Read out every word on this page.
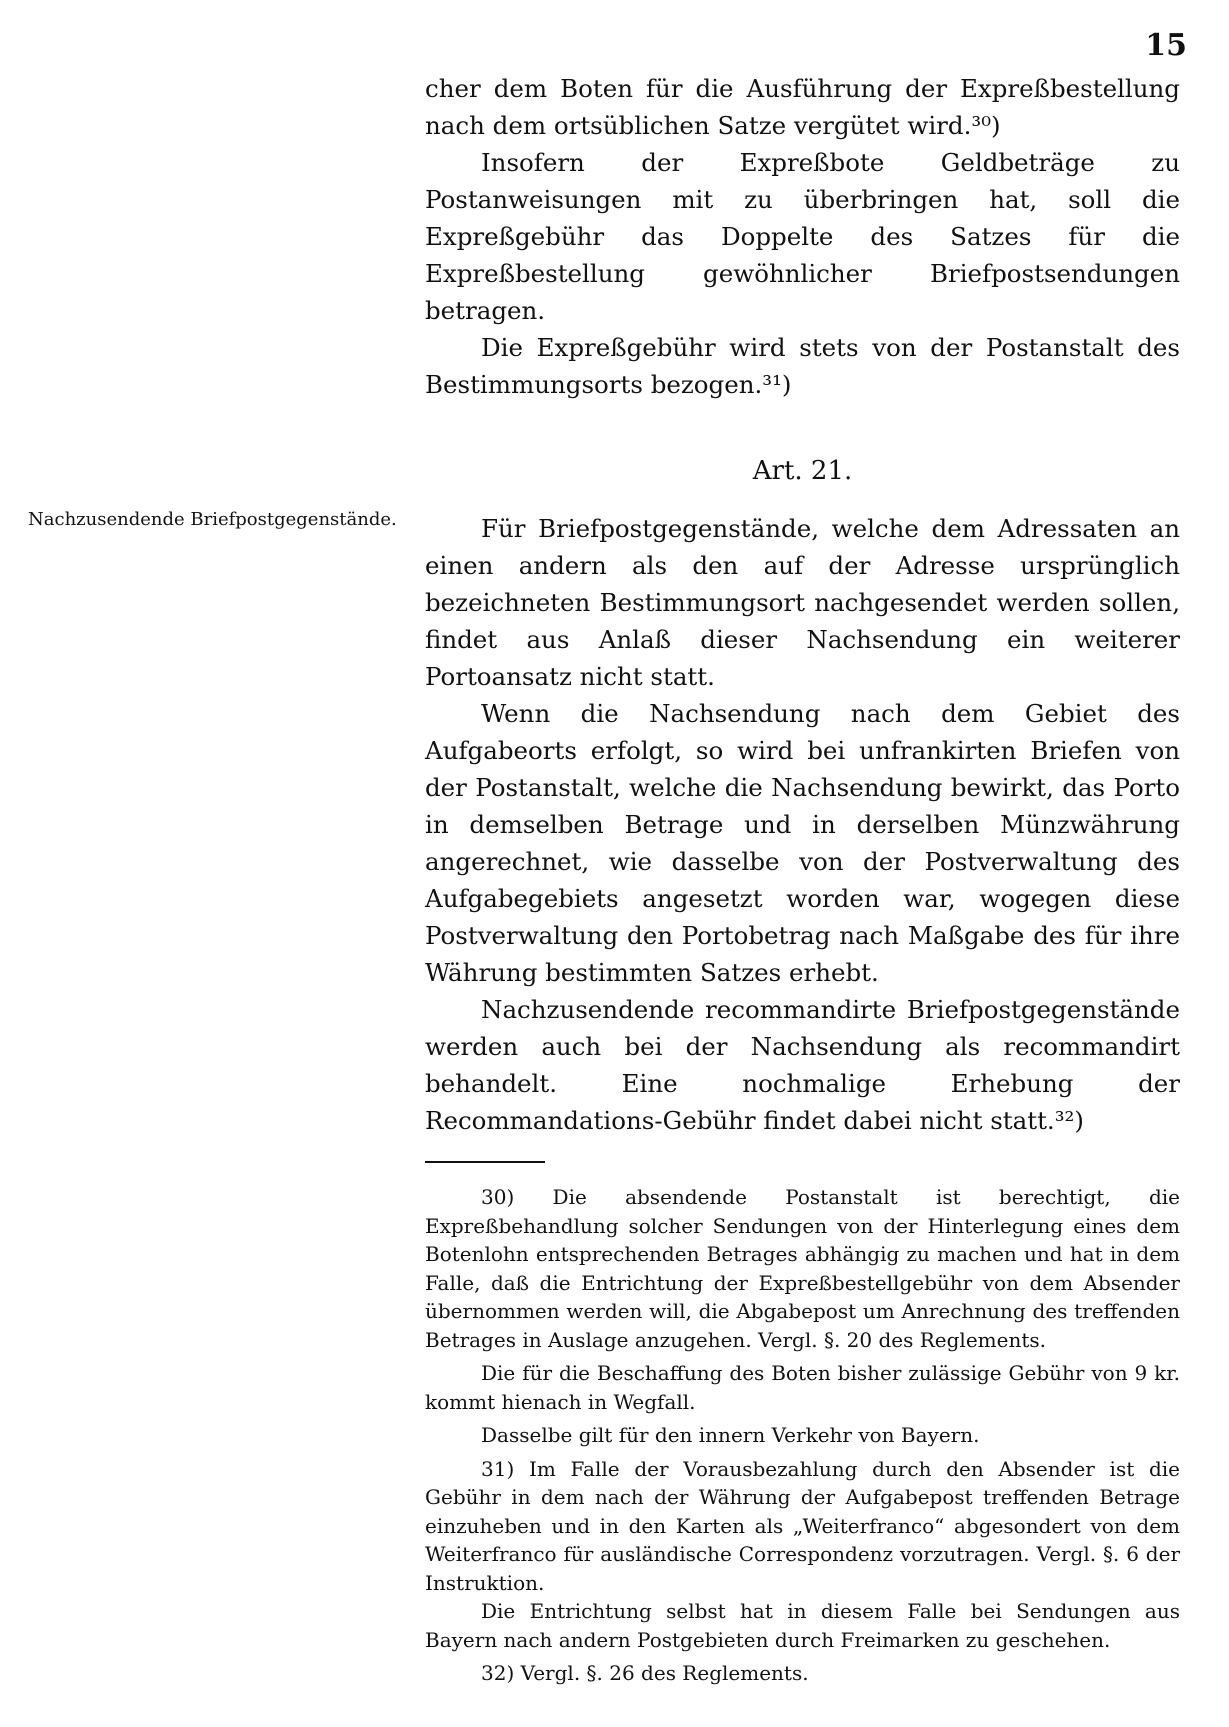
15
Nachzusendende Briefpostgegenstände.

cher dem Boten für die Ausführung der Expreßbestellung nach dem ortsüblichen Satze vergütet wird.³⁰)

Insofern der Expreßbote Geldbeträge zu Postanweisungen mit zu überbringen hat, soll die Expreßgebühr das Doppelte des Satzes für die Expreßbestellung gewöhnlicher Briefpostsendungen betragen.

Die Expreßgebühr wird stets von der Postanstalt des Bestimmungsorts bezogen.³¹)

Art. 21.

Für Briefpostgegenstände, welche dem Adressaten an einen andern als den auf der Adresse ursprünglich bezeichneten Bestimmungsort nachgesendet werden sollen, findet aus Anlaß dieser Nachsendung ein weiterer Portoansatz nicht statt.

Wenn die Nachsendung nach dem Gebiet des Aufgabeorts erfolgt, so wird bei unfrankirten Briefen von der Postanstalt, welche die Nachsendung bewirkt, das Porto in demselben Betrage und in derselben Münzwährung angerechnet, wie dasselbe von der Postverwaltung des Aufgabegebiets angesetzt worden war, wogegen diese Postverwaltung den Portobetrag nach Maßgabe des für ihre Währung bestimmten Satzes erhebt.

Nachzusendende recommandirte Briefpostgegenstände werden auch bei der Nachsendung als recommandirt behandelt. Eine nochmalige Erhebung der Recommandations-Gebühr findet dabei nicht statt.³²)

30) Die absendende Postanstalt ist berechtigt, die Expreßbehandlung solcher Sendungen von der Hinterlegung eines dem Botenlohn entsprechenden Betrages abhängig zu machen und hat in dem Falle, daß die Entrichtung der Expreßbestellgebühr von dem Absender übernommen werden will, die Abgabepost um Anrechnung des treffenden Betrages in Auslage anzugehen. Vergl. §. 20 des Reglements.

Die für die Beschaffung des Boten bisher zulässige Gebühr von 9 kr. kommt hienach in Wegfall.

Dasselbe gilt für den innern Verkehr von Bayern.

31) Im Falle der Vorausbezahlung durch den Absender ist die Gebühr in dem nach der Währung der Aufgabepost treffenden Betrage einzuheben und in den Karten als „Weiterfranco“ abgesondert von dem Weiterfranco für ausländische Correspondenz vorzutragen. Vergl. §. 6 der Instruktion.

Die Entrichtung selbst hat in diesem Falle bei Sendungen aus Bayern nach andern Postgebieten durch Freimarken zu geschehen.

32) Vergl. §. 26 des Reglements.
